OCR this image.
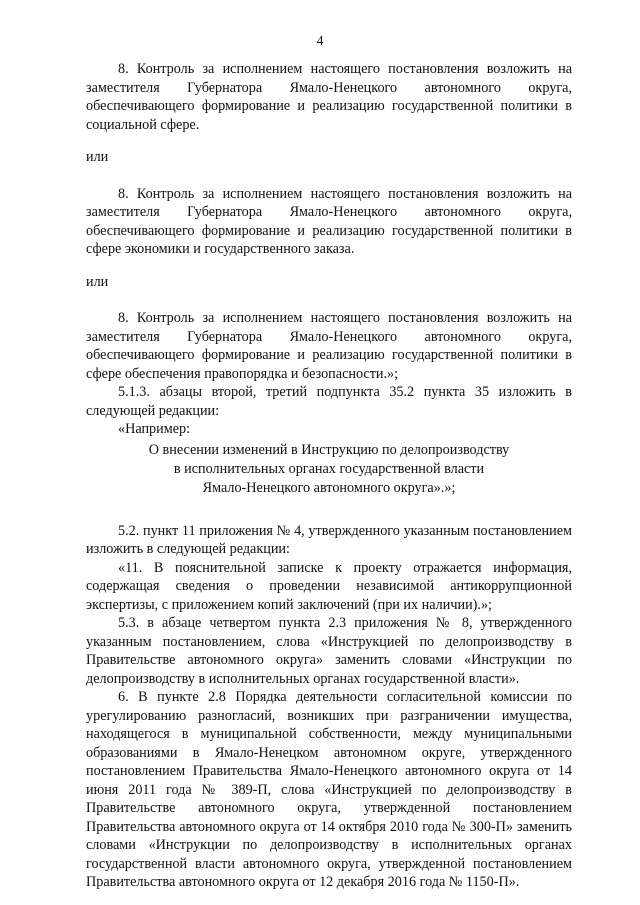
4

8. Контроль за исполнением настоящего постановления возложить на заместителя Губернатора Ямало-Ненецкого автономного округа, обеспечивающего формирование и реализацию государственной политики в социальной сфере.

или

8. Контроль за исполнением настоящего постановления возложить на заместителя Губернатора Ямало-Ненецкого автономного округа, обеспечивающего формирование и реализацию государственной политики в сфере экономики и государственного заказа.

или

8. Контроль за исполнением настоящего постановления возложить на заместителя Губернатора Ямало-Ненецкого автономного округа, обеспечивающего формирование и реализацию государственной политики в сфере обеспечения правопорядка и безопасности.»;

5.1.3. абзацы второй, третий подпункта 35.2 пункта 35 изложить в следующей редакции:

«Например:

О внесении изменений в Инструкцию по делопроизводству

в исполнительных органах государственной власти

Ямало-Ненецкого автономного округа».»;

5.2. пункт 11 приложения № 4, утвержденного указанным постановлением изложить в следующей редакции:

«11. В пояснительной записке к проекту отражается информация, содержащая сведения о проведении независимой антикоррупционной экспертизы, с приложением копий заключений (при их наличии).»;

5.3. в абзаце четвертом пункта 2.3 приложения № 8, утвержденного указанным постановлением, слова «Инструкцией по делопроизводству в Правительстве автономного округа» заменить словами «Инструкции по делопроизводству в исполнительных органах государственной власти».

6. В пункте 2.8 Порядка деятельности согласительной комиссии по урегулированию разногласий, возникших при разграничении имущества, находящегося в муниципальной собственности, между муниципальными образованиями в Ямало-Ненецком автономном округе, утвержденного постановлением Правительства Ямало-Ненецкого автономного округа от 14 июня 2011 года № 389-П, слова «Инструкцией по делопроизводству в Правительстве автономного округа, утвержденной постановлением Правительства автономного округа от 14 октября 2010 года № 300-П» заменить словами «Инструкции по делопроизводству в исполнительных органах государственной власти автономного округа, утвержденной постановлением Правительства автономного округа от 12 декабря 2016 года № 1150-П».
